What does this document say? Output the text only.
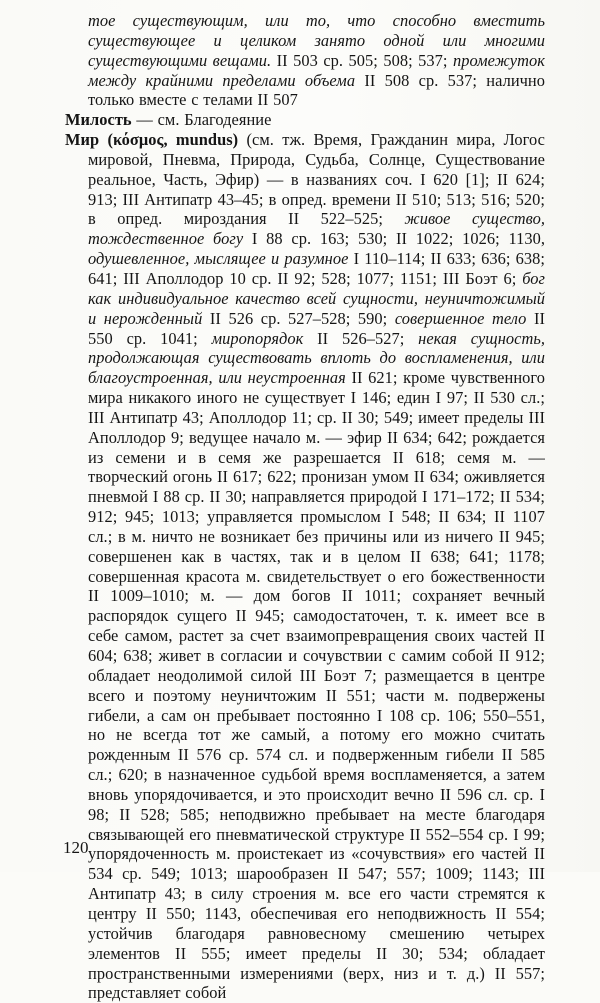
тое существующим, или то, что способно вместить существующее и целиком занято одной или многими существующими вещами. II 503 ср. 505; 508; 537; промежуток между крайними пределами объема II 508 ср. 537; налично только вместе с телами II 507

Милость — см. Благодеяние

Мир (κόσμος, mundus) (см. тж. Время, Гражданин мира, Логос мировой, Пневма, Природа, Судьба, Солнце, Существование реальное, Часть, Эфир) — в названиях соч. I 620 [1]; II 624; 913; III Антипатр 43–45; в опред. времени II 510; 513; 516; 520; в опред. мироздания II 522–525; живое существо, тождественное богу I 88 ср. 163; 530; II 1022; 1026; 1130, одушевленное, мыслящее и разумное I 110–114; II 633; 636; 638; 641; III Аполлодор 10 ср. II 92; 528; 1077; 1151; III Боэт 6; бог как индивидуальное качество всей сущности, неуничтожимый и нерожденный II 526 ср. 527–528; 590; совершенное тело II 550 ср. 1041; миропорядок II 526–527; некая сущность, продолжающая существовать вплоть до воспламенения, или благоустроенная, или неустроенная II 621; кроме чувственного мира никакого иного не существует I 146; един I 97; II 530 сл.; III Антипатр 43; Аполлодор 11; ср. II 30; 549; имеет пределы III Аполлодор 9; ведущее начало м. — эфир II 634; 642; рождается из семени и в семя же разрешается II 618; семя м. — творческий огонь II 617; 622; пронизан умом II 634; оживляется пневмой I 88 ср. II 30; направляется природой I 171–172; II 534; 912; 945; 1013; управляется промыслом I 548; II 634; II 1107 сл.; в м. ничто не возникает без причины или из ничего II 945; совершенен как в частях, так и в целом II 638; 641; 1178; совершенная красота м. свидетельствует о его божественности II 1009–1010; м. — дом богов II 1011; сохраняет вечный распорядок сущего II 945; самодостаточен, т. к. имеет все в себе самом, растет за счет взаимопревращения своих частей II 604; 638; живет в согласии и сочувствии с самим собой II 912; обладает неодолимой силой III Боэт 7; размещается в центре всего и поэтому неуничтожим II 551; части м. подвержены гибели, а сам он пребывает постоянно I 108 ср. 106; 550–551, но не всегда тот же самый, а потому его можно считать рожденным II 576 ср. 574 сл. и подверженным гибели II 585 сл.; 620; в назначенное судьбой время воспламеняется, а затем вновь упорядочивается, и это происходит вечно II 596 сл. ср. I 98; II 528; 585; неподвижно пребывает на месте благодаря связывающей его пневматической структуре II 552–554 ср. I 99; упорядоченность м. проистекает из «сочувствия» его частей II 534 ср. 549; 1013; шарообразен II 547; 557; 1009; 1143; III Антипатр 43; в силу строения м. все его части стремятся к центру II 550; 1143, обеспечивая его неподвижность II 554; устойчив благодаря равновесному смешению четырех элементов II 555; имеет пределы II 30; 534; обладает пространственными измерениями (верх, низ и т. д.) II 557; представляет собой

120
